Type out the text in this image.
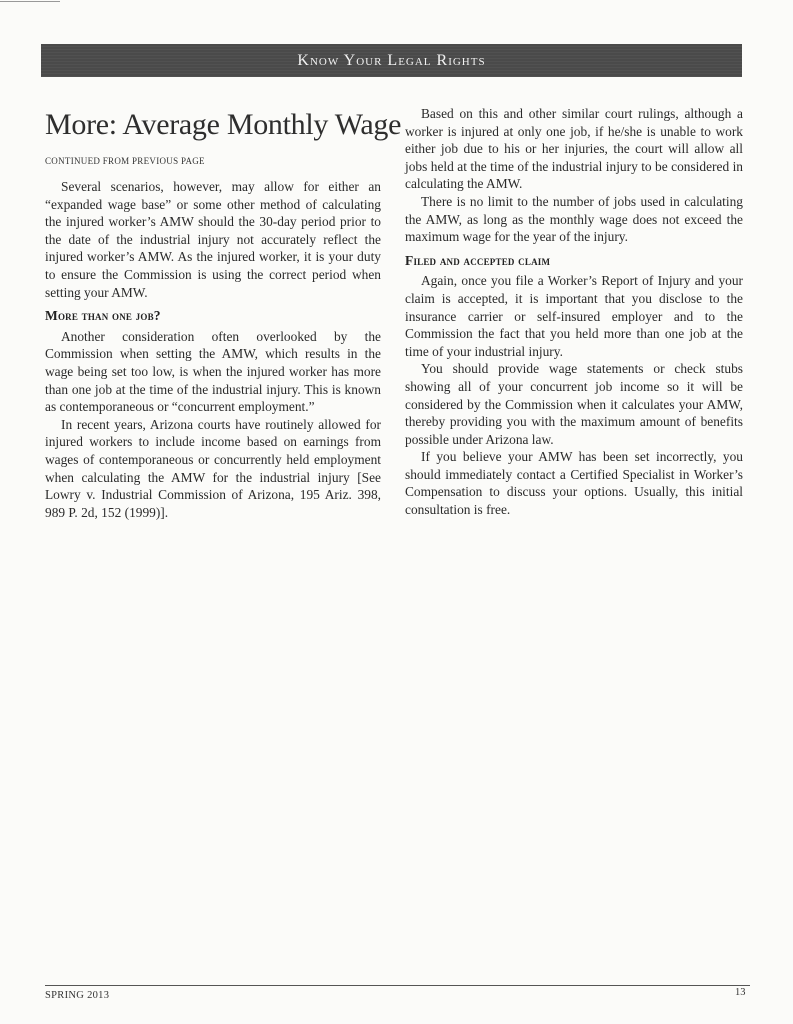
Know Your Legal Rights
More: Average Monthly Wage
CONTINUED FROM PREVIOUS PAGE

Several scenarios, however, may allow for either an “expanded wage base” or some other method of calculating the injured worker’s AMW should the 30-day period prior to the date of the industrial injury not accurately reflect the injured worker’s AMW. As the injured worker, it is your duty to ensure the Commission is using the correct period when setting your AMW.

More than one job?

Another consideration often overlooked by the Commission when setting the AMW, which results in the wage being set too low, is when the injured worker has more than one job at the time of the industrial injury. This is known as contemporaneous or “concurrent employment.”

In recent years, Arizona courts have routinely allowed for injured workers to include income based on earnings from wages of contemporaneous or concurrently held employment when calculating the AMW for the industrial injury [See Lowry v. Industrial Commission of Arizona, 195 Ariz. 398, 989 P. 2d, 152 (1999)].

Based on this and other similar court rulings, although a worker is injured at only one job, if he/she is unable to work either job due to his or her injuries, the court will allow all jobs held at the time of the industrial injury to be considered in calculating the AMW.

There is no limit to the number of jobs used in calculating the AMW, as long as the monthly wage does not exceed the maximum wage for the year of the injury.

Filed and accepted claim

Again, once you file a Worker’s Report of Injury and your claim is accepted, it is important that you disclose to the insurance carrier or self-insured employer and to the Commission the fact that you held more than one job at the time of your industrial injury.

You should provide wage statements or check stubs showing all of your concurrent job income so it will be considered by the Commission when it calculates your AMW, thereby providing you with the maximum amount of benefits possible under Arizona law.

If you believe your AMW has been set incorrectly, you should immediately contact a Certified Specialist in Worker’s Compensation to discuss your options. Usually, this initial consultation is free.

SPRING 2013	13
